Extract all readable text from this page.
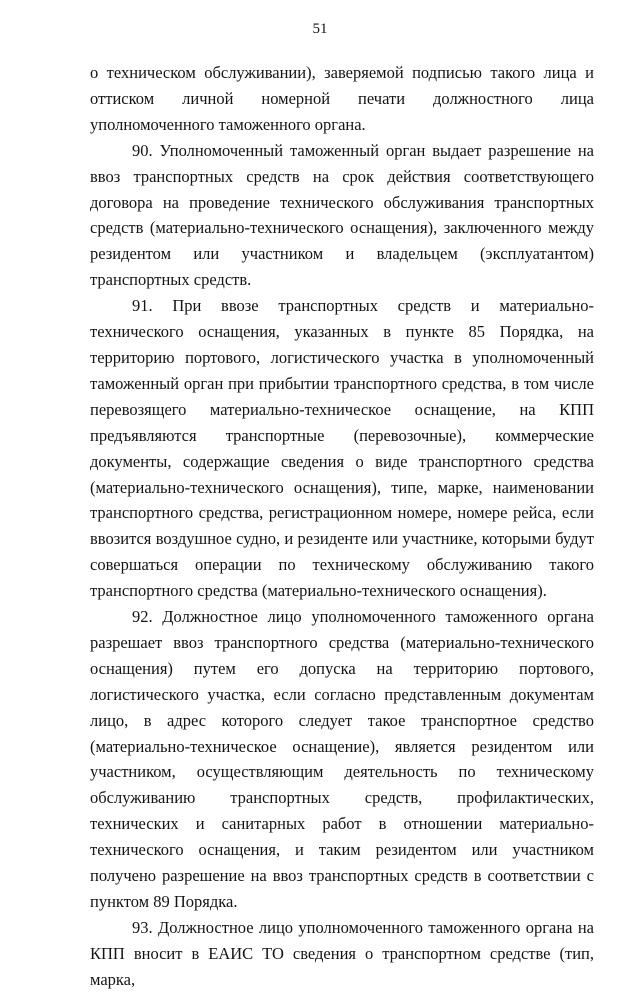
51

о техническом обслуживании), заверяемой подписью такого лица и оттиском личной номерной печати должностного лица уполномоченного таможенного органа.

90. Уполномоченный таможенный орган выдает разрешение на ввоз транспортных средств на срок действия соответствующего договора на проведение технического обслуживания транспортных средств (материально-технического оснащения), заключенного между резидентом или участником и владельцем (эксплуатантом) транспортных средств.

91. При ввозе транспортных средств и материально-технического оснащения, указанных в пункте 85 Порядка, на территорию портового, логистического участка в уполномоченный таможенный орган при прибытии транспортного средства, в том числе перевозящего материально-техническое оснащение, на КПП предъявляются транспортные (перевозочные), коммерческие документы, содержащие сведения о виде транспортного средства (материально-технического оснащения), типе, марке, наименовании транспортного средства, регистрационном номере, номере рейса, если ввозится воздушное судно, и резиденте или участнике, которыми будут совершаться операции по техническому обслуживанию такого транспортного средства (материально-технического оснащения).

92. Должностное лицо уполномоченного таможенного органа разрешает ввоз транспортного средства (материально-технического оснащения) путем его допуска на территорию портового, логистического участка, если согласно представленным документам лицо, в адрес которого следует такое транспортное средство (материально-техническое оснащение), является резидентом или участником, осуществляющим деятельность по техническому обслуживанию транспортных средств, профилактических, технических и санитарных работ в отношении материально-технического оснащения, и таким резидентом или участником получено разрешение на ввоз транспортных средств в соответствии с пунктом 89 Порядка.

93. Должностное лицо уполномоченного таможенного органа на КПП вносит в ЕАИС ТО сведения о транспортном средстве (тип, марка,
